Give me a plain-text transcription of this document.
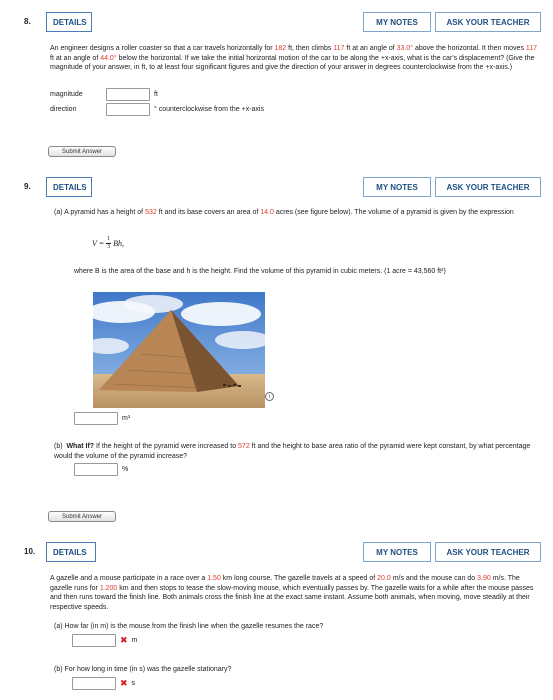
8.	DETAILS	MY NOTES	ASK YOUR TEACHER
An engineer designs a roller coaster so that a car travels horizontally for 182 ft, then climbs 117 ft at an angle of 33.0° above the horizontal. It then moves 117 ft at an angle of 44.0° below the horizontal. If we take the initial horizontal motion of the car to be along the +x-axis, what is the car's displacement? (Give the magnitude of your answer, in ft, to at least four significant figures and give the direction of your answer in degrees counterclockwise from the +x-axis.)
magnitude	ft
direction	° counterclockwise from the +x-axis
Submit Answer
9.	DETAILS	MY NOTES	ASK YOUR TEACHER
(a) A pyramid has a height of 532 ft and its base covers an area of 14.0 acres (see figure below). The volume of a pyramid is given by the expression
$V = \frac{1}{3} Bh$,
where B is the area of the base and h is the height. Find the volume of this pyramid in cubic meters. (1 acre = 43,560 ft²)
i
m³
(b) What If? If the height of the pyramid were increased to 572 ft and the height to base area ratio of the pyramid were kept constant, by what percentage would the volume of the pyramid increase?
%
Submit Answer
10.	DETAILS	MY NOTES	ASK YOUR TEACHER
A gazelle and a mouse participate in a race over a 1.50 km long course. The gazelle travels at a speed of 20.0 m/s and the mouse can do 3.90 m/s. The gazelle runs for 1.200 km and then stops to tease the slow-moving mouse, which eventually passes by. The gazelle waits for a while after the mouse passes and then runs toward the finish line. Both animals cross the finish line at the exact same instant. Assume both animals, when moving, move steadily at their respective speeds.
(a) How far (in m) is the mouse from the finish line when the gazelle resumes the race?
✖ m
(b) For how long in time (in s) was the gazelle stationary?
✖ s
